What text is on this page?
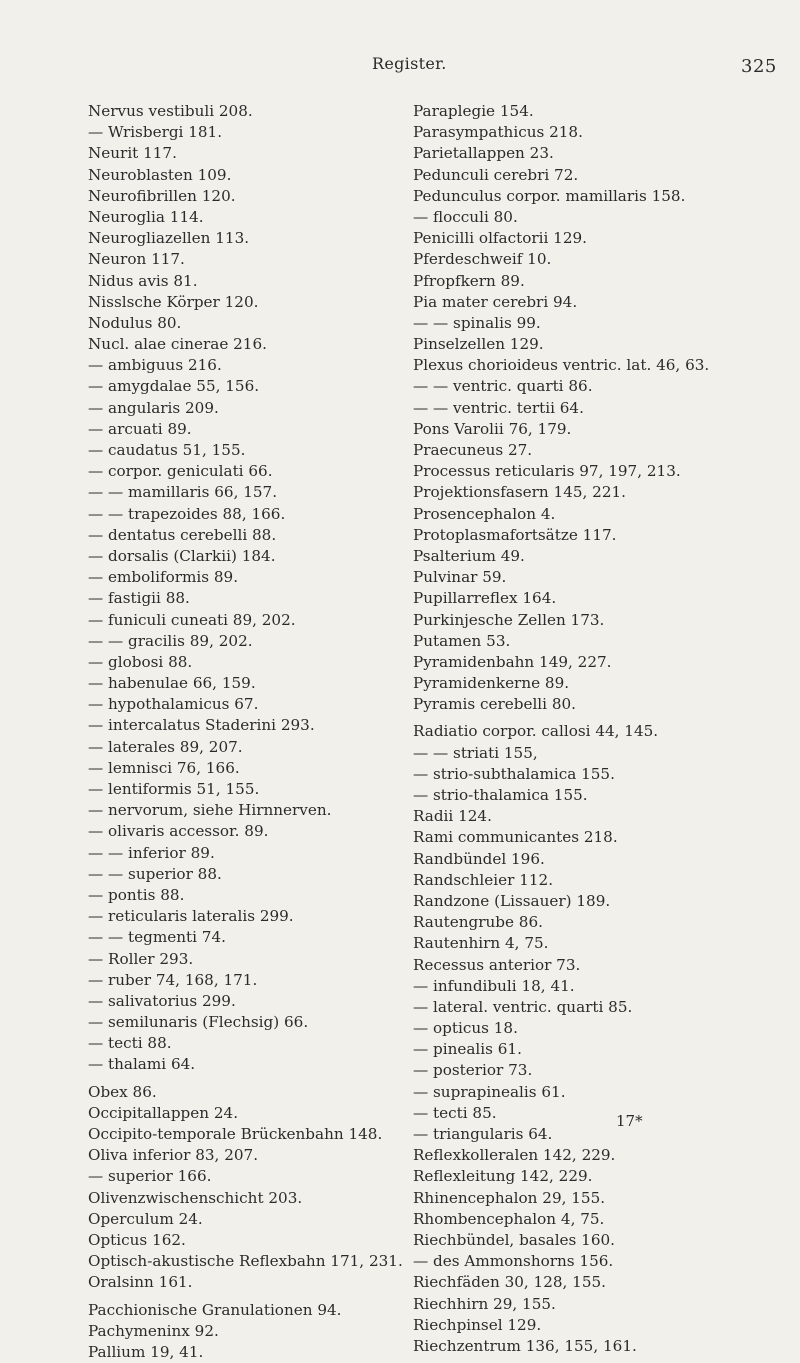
Register.	325
Nervus vestibuli 208.
— Wrisbergi 181.
Neurit 117.
Neuroblasten 109.
Neurofibrillen 120.
Neuroglia 114.
Neurogliazellen 113.
Neuron 117.
Nidus avis 81.
Nisslsche Körper 120.
Nodulus 80.
Nucl. alae cinerae 216.
— ambiguus 216.
— amygdalae 55, 156.
— angularis 209.
— arcuati 89.
— caudatus 51, 155.
— corpor. geniculati 66.
— — mamillaris 66, 157.
— — trapezoides 88, 166.
— dentatus cerebelli 88.
— dorsalis (Clarkii) 184.
— emboliformis 89.
— fastigii 88.
— funiculi cuneati 89, 202.
— — gracilis 89, 202.
— globosi 88.
— habenulae 66, 159.
— hypothalamicus 67.
— intercalatus Staderini 293.
— laterales 89, 207.
— lemnisci 76, 166.
— lentiformis 51, 155.
— nervorum, siehe Hirnnerven.
— olivaris accessor. 89.
— — inferior 89.
— — superior 88.
— pontis 88.
— reticularis lateralis 299.
— — tegmenti 74.
— Roller 293.
— ruber 74, 168, 171.
— salivatorius 299.
— semilunaris (Flechsig) 66.
— tecti 88.
— thalami 64.
Obex 86.
Occipitallappen 24.
Occipito-temporale Brückenbahn 148.
Oliva inferior 83, 207.
— superior 166.
Olivenzwischenschicht 203.
Operculum 24.
Opticus 162.
Optisch-akustische Reflexbahn 171, 231.
Oralsinn 161.
Pacchionische Granulationen 94.
Pachymeninx 92.
Pallium 19, 41.
Paraplegie 154.
Parasympathicus 218.
Parietallappen 23.
Pedunculi cerebri 72.
Pedunculus corpor. mamillaris 158.
— flocculi 80.
Penicilli olfactorii 129.
Pferdeschweif 10.
Pfropfkern 89.
Pia mater cerebri 94.
— — spinalis 99.
Pinselzellen 129.
Plexus chorioideus ventric. lat. 46, 63.
— — ventric. quarti 86.
— — ventric. tertii 64.
Pons Varolii 76, 179.
Praecuneus 27.
Processus reticularis 97, 197, 213.
Projektionsfasern 145, 221.
Prosencephalon 4.
Protoplasmafortsätze 117.
Psalterium 49.
Pulvinar 59.
Pupillarreflex 164.
Purkinjesche Zellen 173.
Putamen 53.
Pyramidenbahn 149, 227.
Pyramidenkerne 89.
Pyramis cerebelli 80.
Radiatio corpor. callosi 44, 145.
— — striati 155,
— strio-subthalamica 155.
— strio-thalamica 155.
Radii 124.
Rami communicantes 218.
Randbündel 196.
Randschleier 112.
Randzone (Lissauer) 189.
Rautengrube 86.
Rautenhirn 4, 75.
Recessus anterior 73.
— infundibuli 18, 41.
— lateral. ventric. quarti 85.
— opticus 18.
— pinealis 61.
— posterior 73.
— suprapinealis 61.
— tecti 85.
— triangularis 64.
Reflexkolleralen 142, 229.
Reflexleitung 142, 229.
Rhinencephalon 29, 155.
Rhombencephalon 4, 75.
Riechbündel, basales 160.
— des Ammonshorns 156.
Riechfäden 30, 128, 155.
Riechhirn 29, 155.
Riechpinsel 129.
Riechzentrum 136, 155, 161.
17*
